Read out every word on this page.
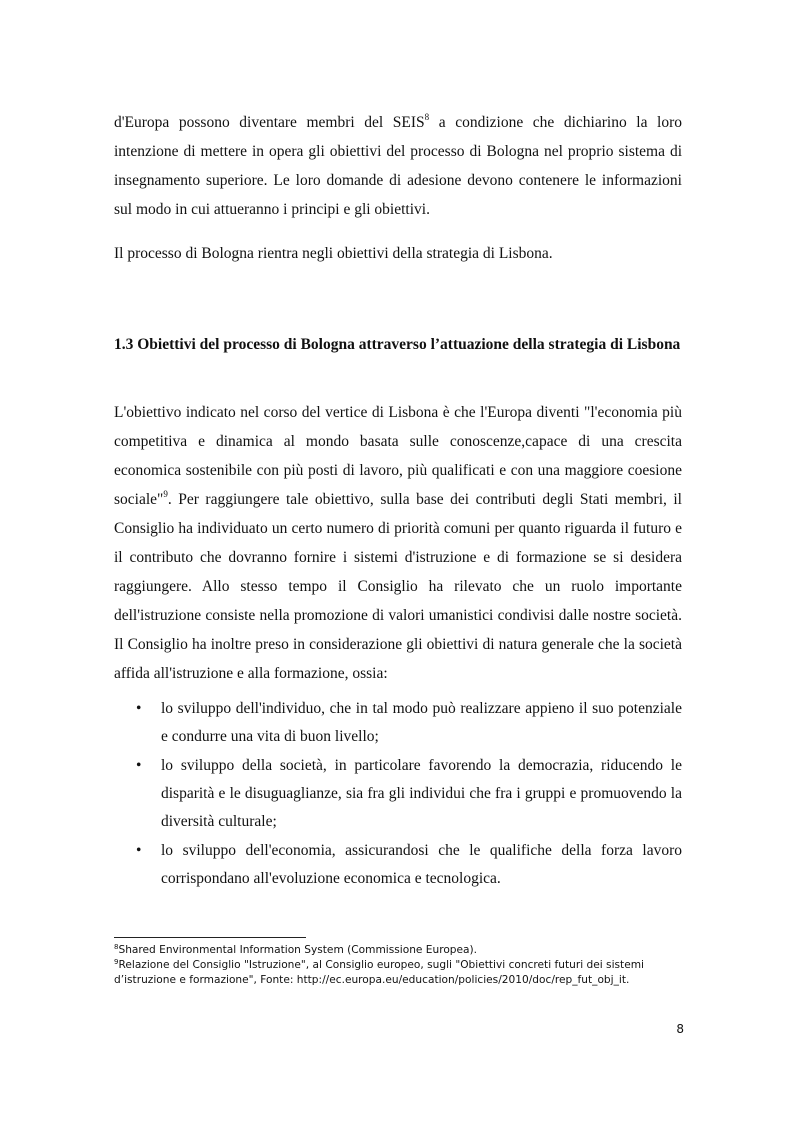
d'Europa possono diventare membri del SEIS$^8$ a condizione che dichiarino la loro intenzione di mettere in opera gli obiettivi del processo di Bologna nel proprio sistema di insegnamento superiore. Le loro domande di adesione devono contenere le informazioni sul modo in cui attueranno i principi e gli obiettivi.

Il processo di Bologna rientra negli obiettivi della strategia di Lisbona.

1.3 Obiettivi del processo di Bologna attraverso l’attuazione della strategia di Lisbona

L'obiettivo indicato nel corso del vertice di Lisbona è che l'Europa diventi "l'economia più competitiva e dinamica al mondo basata sulle conoscenze,capace di una crescita economica sostenibile con più posti di lavoro, più qualificati e con una maggiore coesione sociale"$^9$. Per raggiungere tale obiettivo, sulla base dei contributi degli Stati membri, il Consiglio ha individuato un certo numero di priorità comuni per quanto riguarda il futuro e il contributo che dovranno fornire i sistemi d'istruzione e di formazione se si desidera raggiungere. Allo stesso tempo il Consiglio ha rilevato che un ruolo importante dell'istruzione consiste nella promozione di valori umanistici condivisi dalle nostre società. Il Consiglio ha inoltre preso in considerazione gli obiettivi di natura generale che la società affida all'istruzione e alla formazione, ossia:

• lo sviluppo dell'individuo, che in tal modo può realizzare appieno il suo potenziale e condurre una vita di buon livello;
• lo sviluppo della società, in particolare favorendo la democrazia, riducendo le disparità e le disuguaglianze, sia fra gli individui che fra i gruppi e promuovendo la diversità culturale;
• lo sviluppo dell'economia, assicurandosi che le qualifiche della forza lavoro corrispondano all'evoluzione economica e tecnologica.
$^8$Shared Environmental Information System (Commissione Europea).
$^9$Relazione del Consiglio "Istruzione", al Consiglio europeo, sugli "Obiettivi concreti futuri dei sistemi
d’istruzione e formazione", Fonte: http://ec.europa.eu/education/policies/2010/doc/rep_fut_obj_it.
8
